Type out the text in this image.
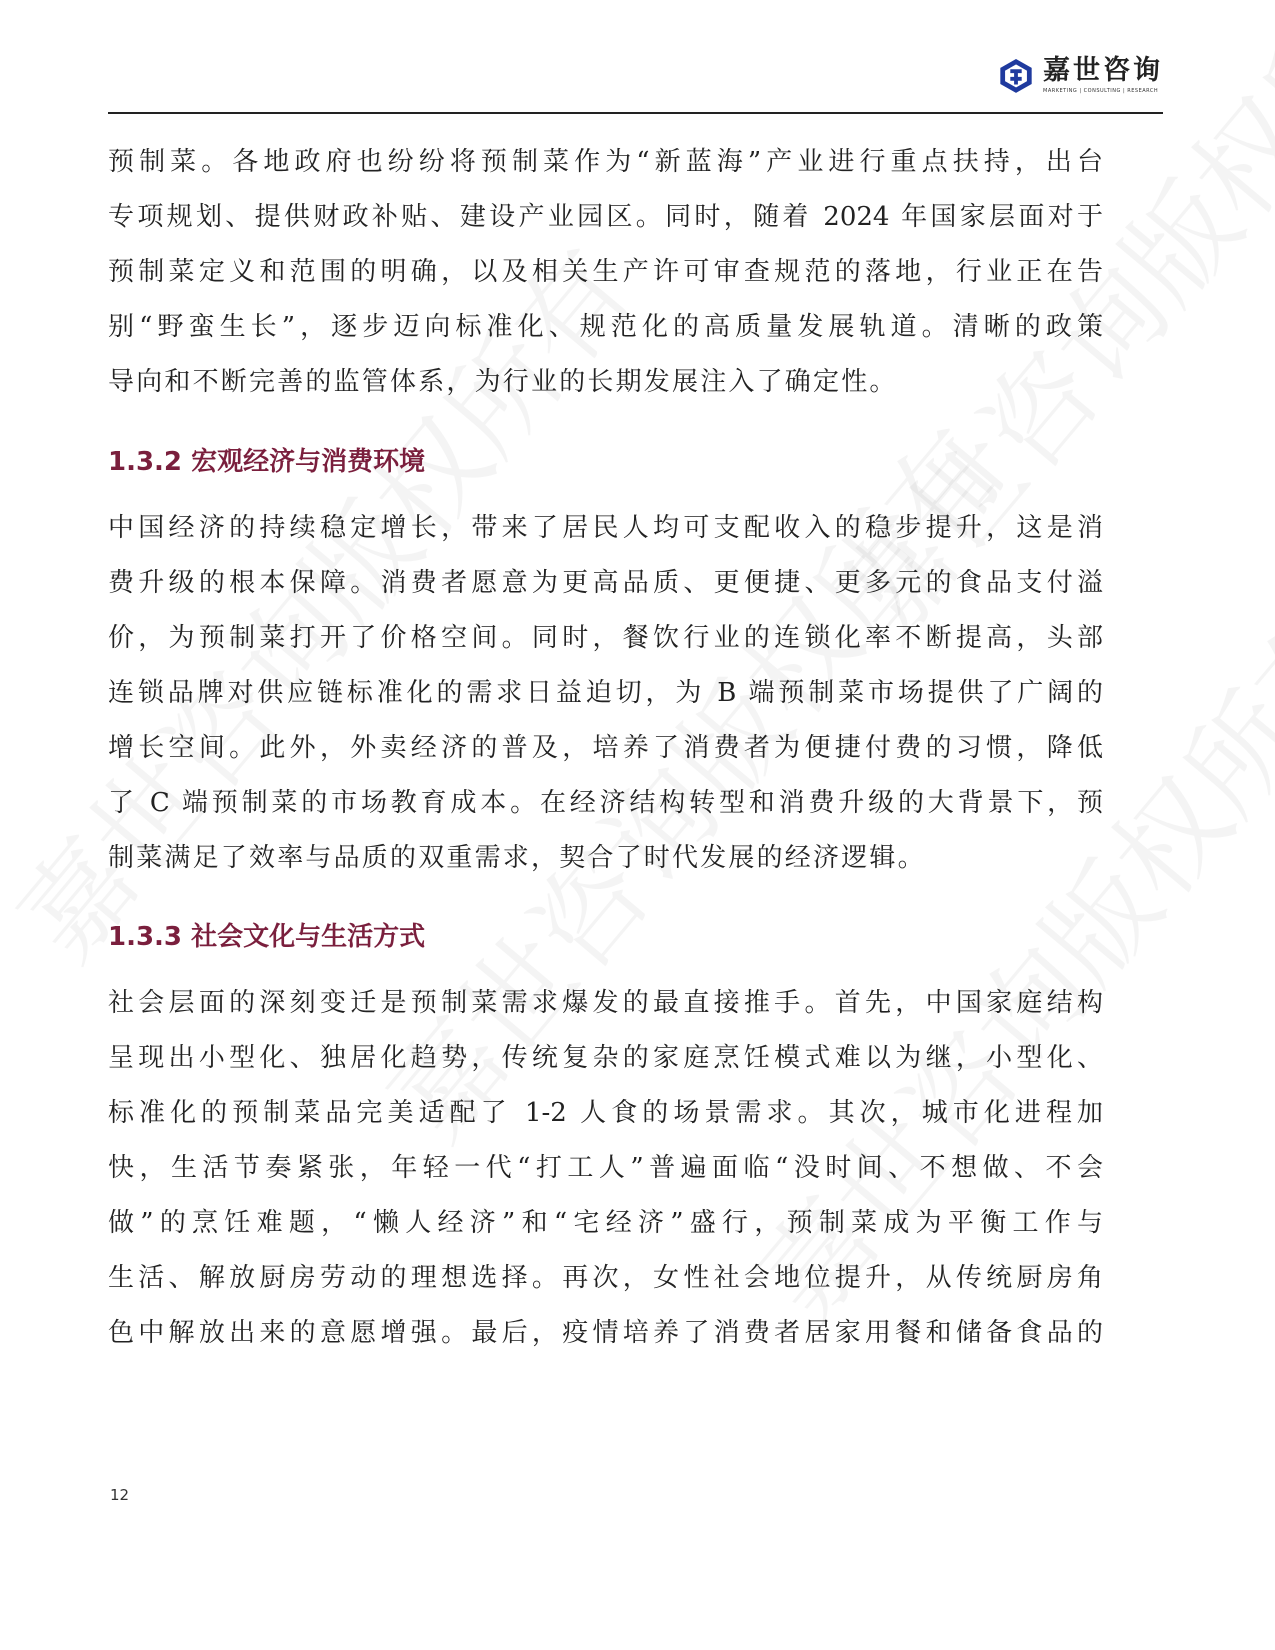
嘉世咨询
MARKETING | CONSULTING | RESEARCH
预制菜。各地政府也纷纷将预制菜作为“新蓝海”产业进行重点扶持，出台
专项规划、提供财政补贴、建设产业园区。同时，随着 2024 年国家层面对于
预制菜定义和范围的明确，以及相关生产许可审查规范的落地，行业正在告
别“野蛮生长”，逐步迈向标准化、规范化的高质量发展轨道。清晰的政策
导向和不断完善的监管体系，为行业的长期发展注入了确定性。
1.3.2 宏观经济与消费环境
中国经济的持续稳定增长，带来了居民人均可支配收入的稳步提升，这是消
费升级的根本保障。消费者愿意为更高品质、更便捷、更多元的食品支付溢
价，为预制菜打开了价格空间。同时，餐饮行业的连锁化率不断提高，头部
连锁品牌对供应链标准化的需求日益迫切，为 B 端预制菜市场提供了广阔的
增长空间。此外，外卖经济的普及，培养了消费者为便捷付费的习惯，降低
了 C 端预制菜的市场教育成本。在经济结构转型和消费升级的大背景下，预
制菜满足了效率与品质的双重需求，契合了时代发展的经济逻辑。
1.3.3 社会文化与生活方式
社会层面的深刻变迁是预制菜需求爆发的最直接推手。首先，中国家庭结构
呈现出小型化、独居化趋势，传统复杂的家庭烹饪模式难以为继，小型化、
标准化的预制菜品完美适配了 1-2 人食的场景需求。其次，城市化进程加
快，生活节奏紧张，年轻一代“打工人”普遍面临“没时间、不想做、不会
做”的烹饪难题，“懒人经济”和“宅经济”盛行，预制菜成为平衡工作与
生活、解放厨房劳动的理想选择。再次，女性社会地位提升，从传统厨房角
色中解放出来的意愿增强。最后，疫情培养了消费者居家用餐和储备食品的
12
